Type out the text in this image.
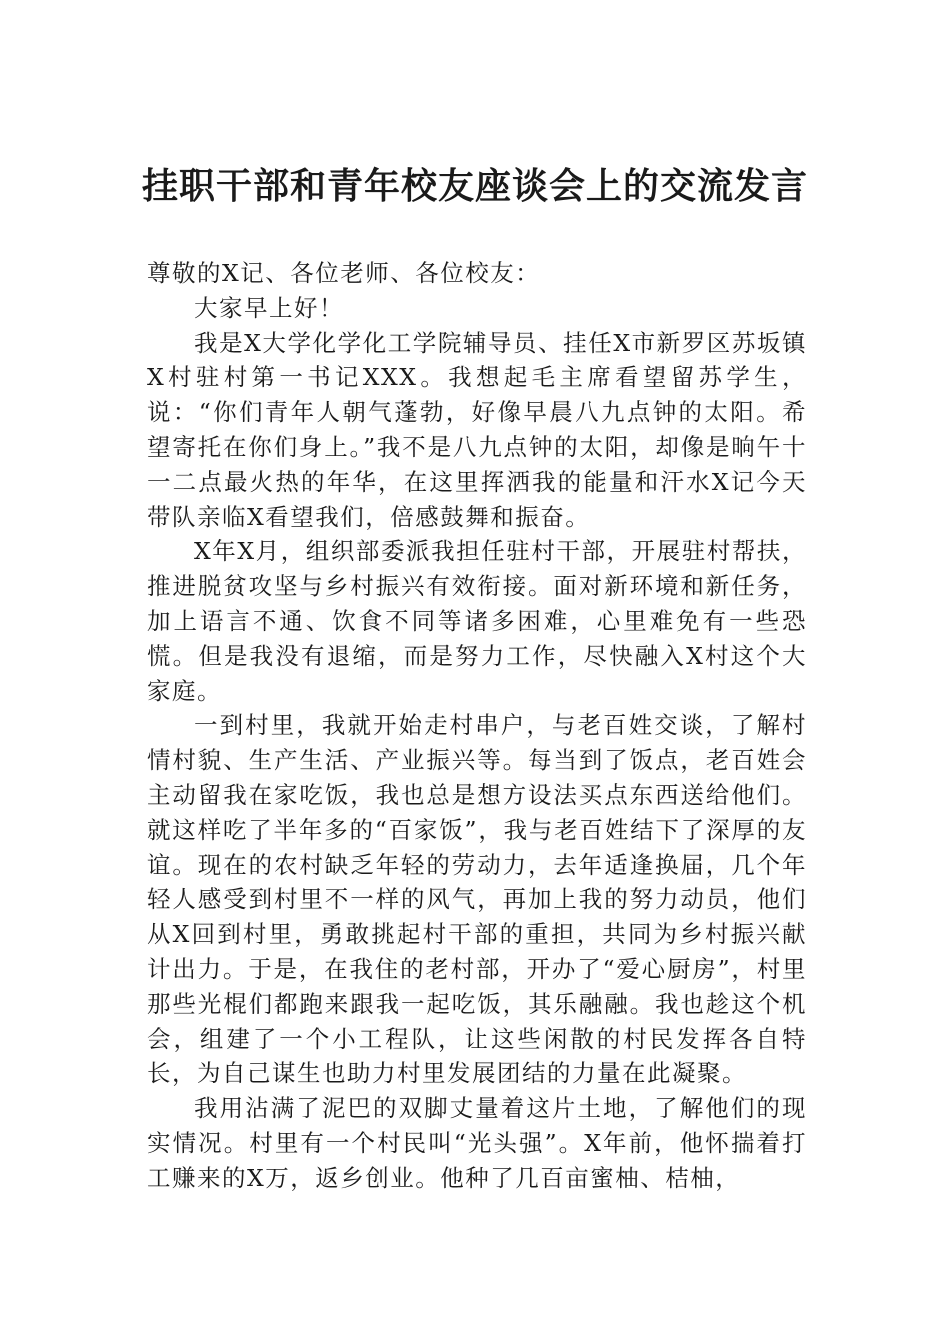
挂职干部和青年校友座谈会上的交流发言

尊敬的X记、各位老师、各位校友：

大家早上好！

我是X大学化学化工学院辅导员、挂任X市新罗区苏坂镇X村驻村第一书记XXX。我想起毛主席看望留苏学生，说：“你们青年人朝气蓬勃，好像早晨八九点钟的太阳。希望寄托在你们身上。”我不是八九点钟的太阳，却像是晌午十一二点最火热的年华，在这里挥洒我的能量和汗水X记今天带队亲临X看望我们，倍感鼓舞和振奋。

X年X月，组织部委派我担任驻村干部，开展驻村帮扶，推进脱贫攻坚与乡村振兴有效衔接。面对新环境和新任务，加上语言不通、饮食不同等诸多困难，心里难免有一些恐慌。但是我没有退缩，而是努力工作，尽快融入X村这个大家庭。

一到村里，我就开始走村串户，与老百姓交谈，了解村情村貌、生产生活、产业振兴等。每当到了饭点，老百姓会主动留我在家吃饭，我也总是想方设法买点东西送给他们。就这样吃了半年多的“百家饭”，我与老百姓结下了深厚的友谊。现在的农村缺乏年轻的劳动力，去年适逢换届，几个年轻人感受到村里不一样的风气，再加上我的努力动员，他们从X回到村里，勇敢挑起村干部的重担，共同为乡村振兴献计出力。于是，在我住的老村部，开办了“爱心厨房”，村里那些光棍们都跑来跟我一起吃饭，其乐融融。我也趁这个机会，组建了一个小工程队，让这些闲散的村民发挥各自特长，为自己谋生也助力村里发展团结的力量在此凝聚。

我用沾满了泥巴的双脚丈量着这片土地，了解他们的现实情况。村里有一个村民叫“光头强”。X年前，他怀揣着打工赚来的X万，返乡创业。他种了几百亩蜜柚、桔柚，
